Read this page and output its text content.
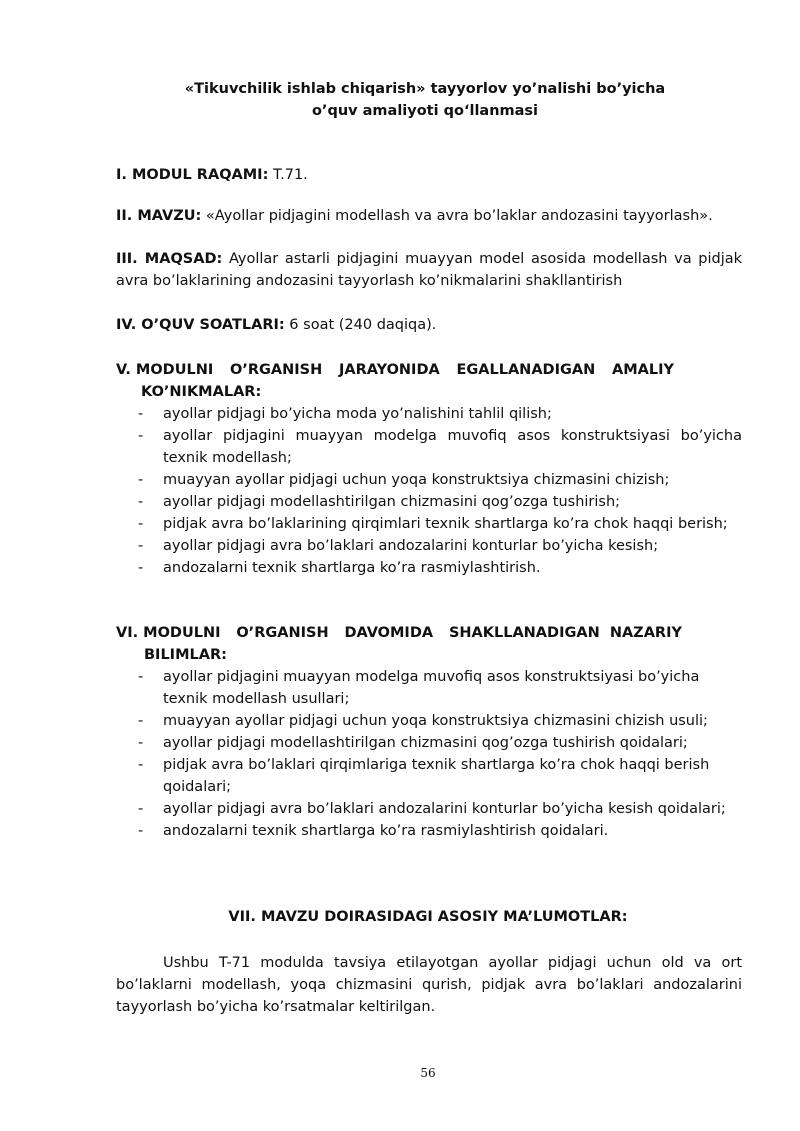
«Tikuvchilik ishlab chiqarish» tayyorlov yo’nalishi bo’yicha
o’quv amaliyoti qo‘llanmasi
I. MODUL RAQAMI: T.71.
II. MAVZU: «Ayollar pidjagini modellash va avra bo’laklar andozasini tayyorlash».
III. MAQSAD: Ayollar astarli pidjagini muayyan model asosida modellash va pidjak avra bo’laklarining andozasini tayyorlash ko’nikmalarini shakllantirish
IV. O’QUV SOATLARI: 6 soat (240 daqiqa).
V. MODULNI O’RGANISH JARAYONIDA EGALLANADIGAN AMALIY
KO’NIKMALAR:
- ayollar pidjagi bo’yicha moda yo’nalishini tahlil qilish;
- ayollar pidjagini muayyan modelga muvofiq asos konstruktsiyasi bo’yicha texnik modellash;
- muayyan ayollar pidjagi uchun yoqa konstruktsiya chizmasini chizish;
- ayollar pidjagi modellashtirilgan chizmasini qog’ozga tushirish;
- pidjak avra bo’laklarining qirqimlari texnik shartlarga ko’ra chok haqqi berish;
- ayollar pidjagi avra bo’laklari andozalarini konturlar bo’yicha kesish;
- andozalarni texnik shartlarga ko’ra rasmiylashtirish.
VI. MODULNI O’RGANISH DAVOMIDA SHAKLLANADIGAN  NAZARIY
BILIMLAR:
- ayollar pidjagini muayyan modelga muvofiq asos konstruktsiyasi bo’yicha texnik modellash usullari;
- muayyan ayollar pidjagi uchun yoqa konstruktsiya chizmasini chizish usuli;
- ayollar pidjagi modellashtirilgan chizmasini qog’ozga tushirish qoidalari;
- pidjak avra bo’laklari qirqimlariga texnik shartlarga ko’ra chok haqqi berish qoidalari;
- ayollar pidjagi avra bo’laklari andozalarini konturlar bo’yicha kesish qoidalari;
- andozalarni texnik shartlarga ko’ra rasmiylashtirish qoidalari.
VII. MAVZU DOIRASIDAGI ASOSIY MA’LUMOTLAR:
Ushbu T-71 modulda tavsiya etilayotgan ayollar pidjagi uchun old va ort bo’laklarni modellash, yoqa chizmasini qurish, pidjak avra bo’laklari andozalarini tayyorlash bo’yicha ko’rsatmalar keltirilgan.
56
